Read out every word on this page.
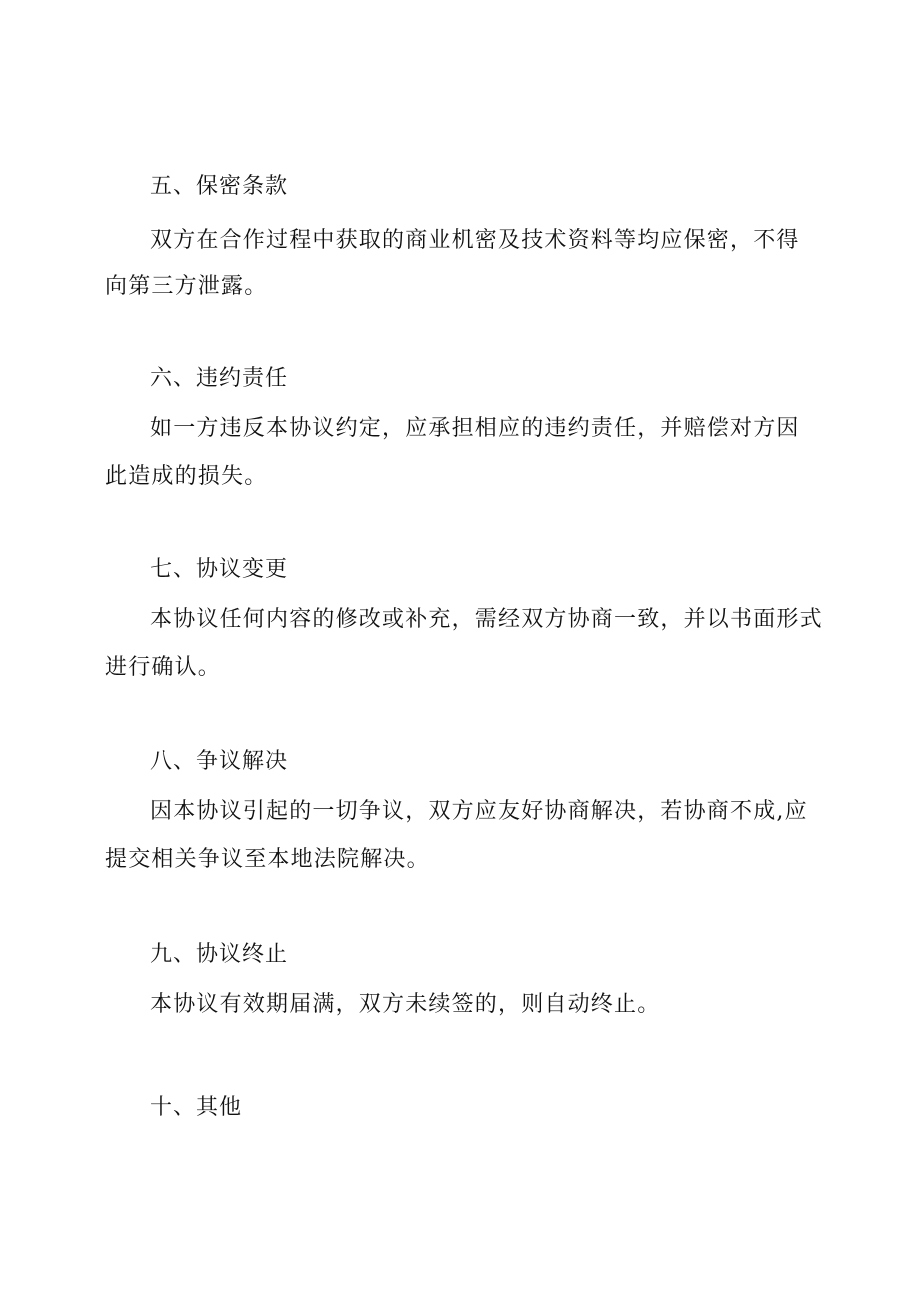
五、保密条款
双方在合作过程中获取的商业机密及技术资料等均应保密，不得
向第三方泄露。
六、违约责任
如一方违反本协议约定，应承担相应的违约责任，并赔偿对方因
此造成的损失。
七、协议变更
本协议任何内容的修改或补充，需经双方协商一致，并以书面形式
进行确认。
八、争议解决
因本协议引起的一切争议，双方应友好协商解决，若协商不成,应
提交相关争议至本地法院解决。
九、协议终止
本协议有效期届满，双方未续签的，则自动终止。
十、其他
